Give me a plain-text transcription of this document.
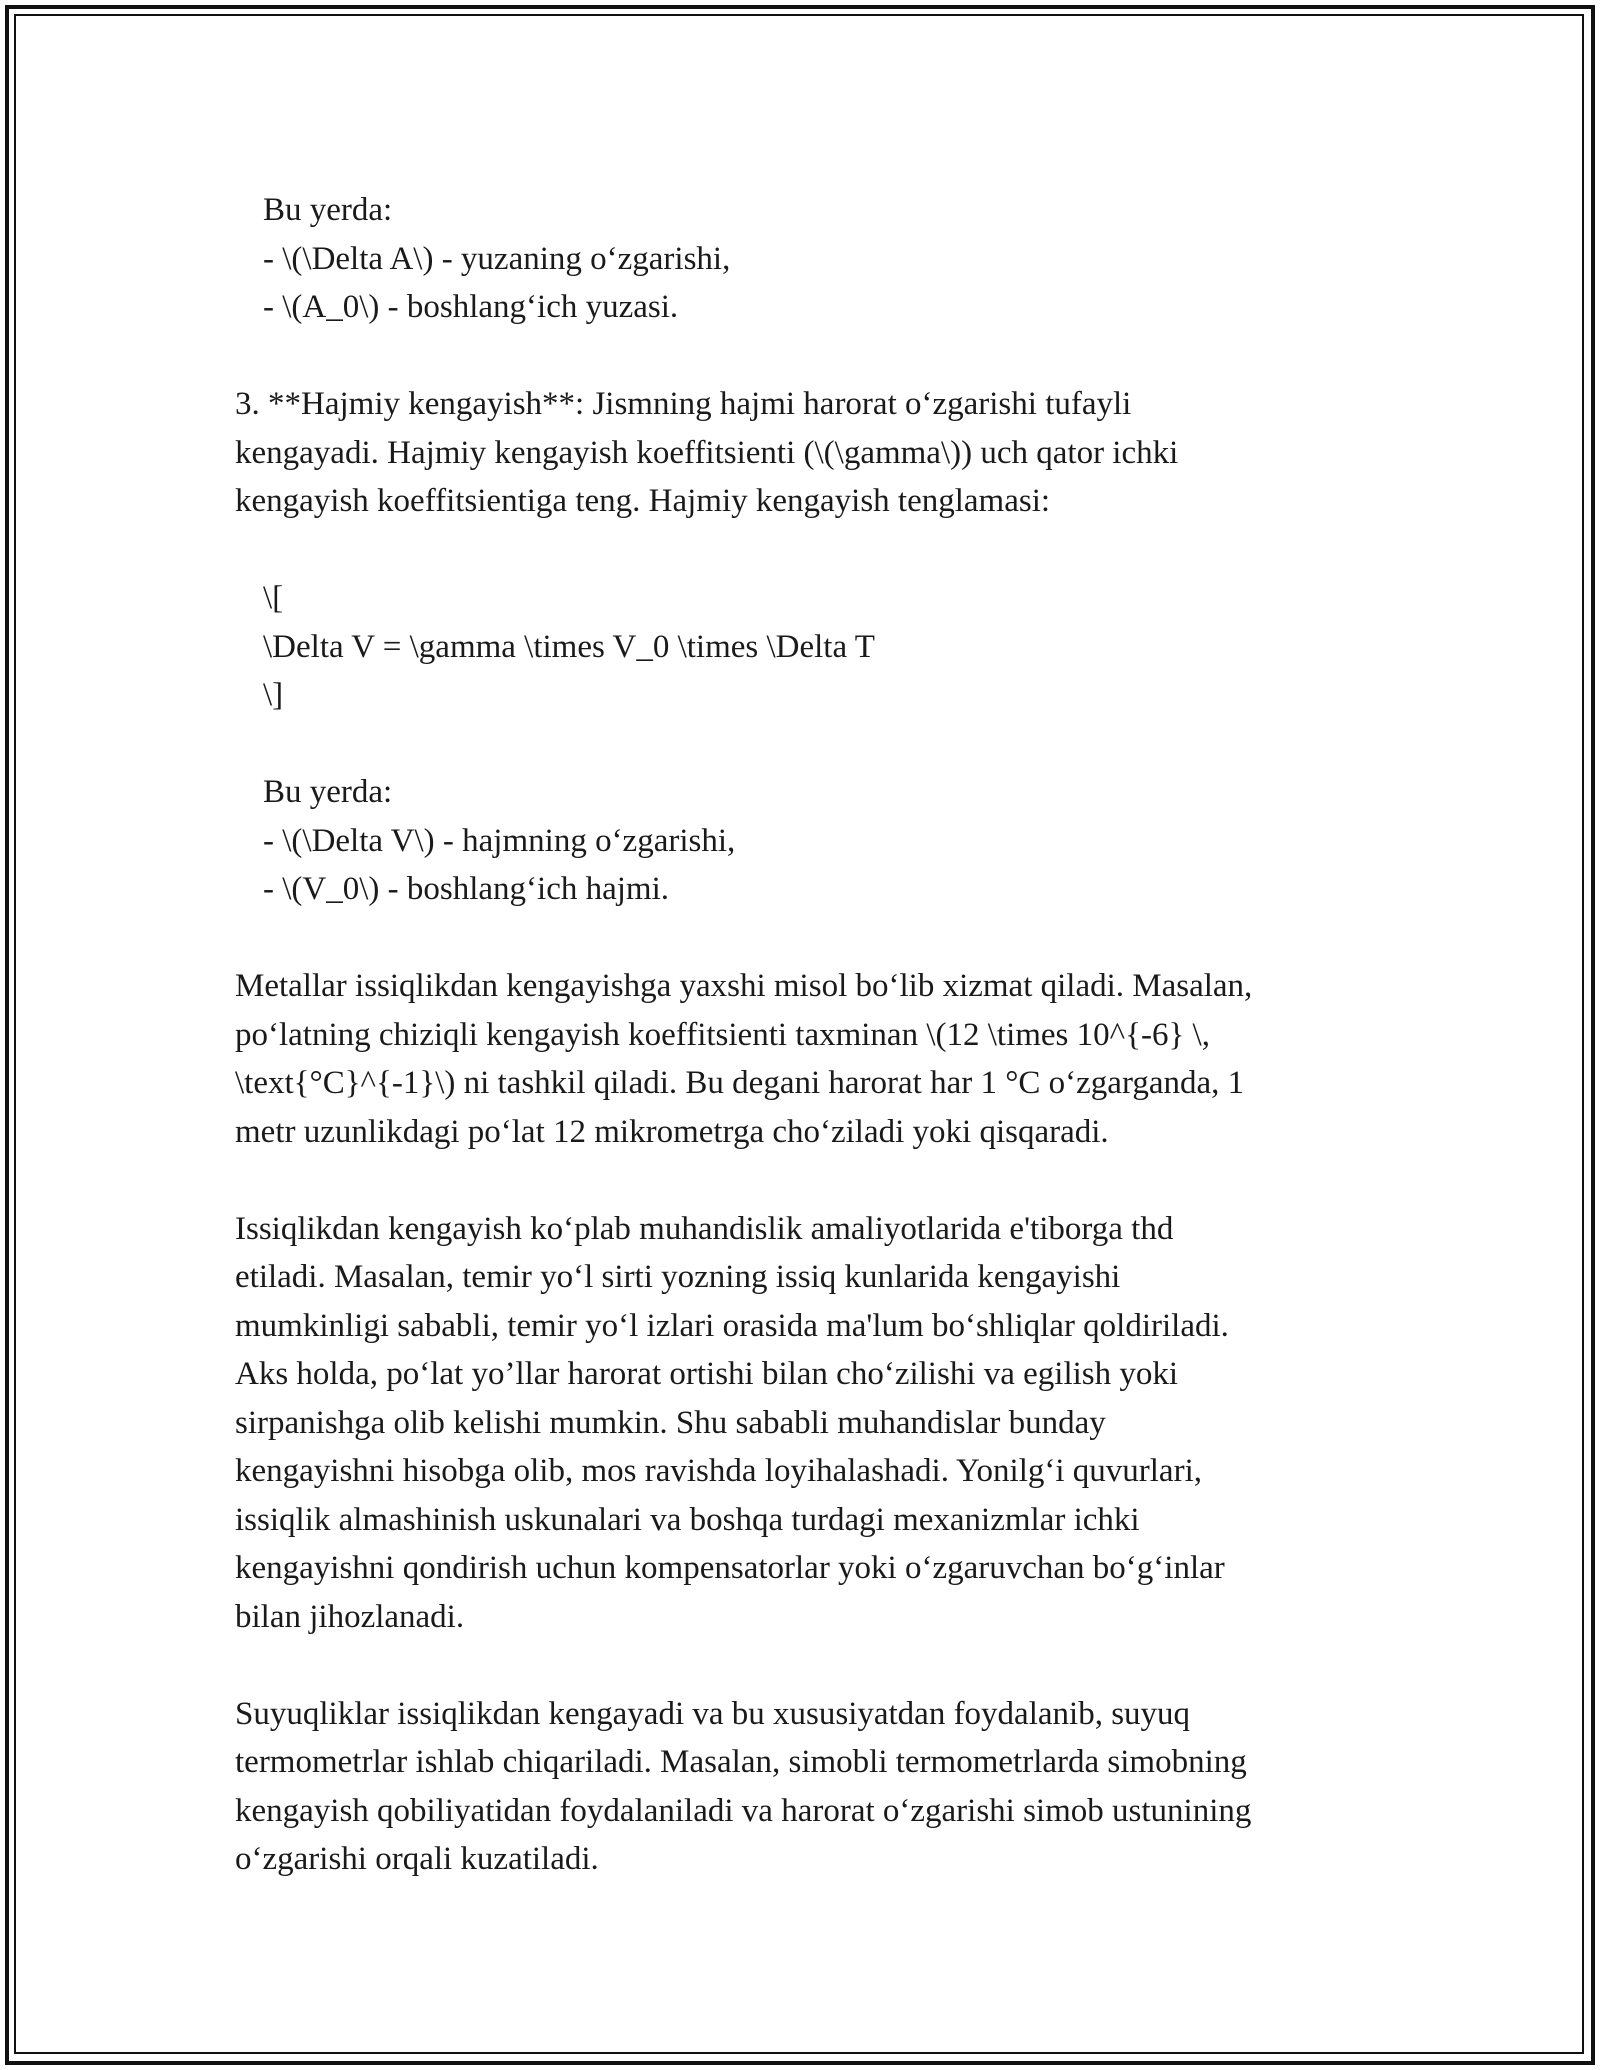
Bu yerda:
- \(\Delta A\) - yuzaning o‘zgarishi,
- \(A_0\) - boshlang‘ich yuzasi.
3. **Hajmiy kengayish**: Jismning hajmi harorat o‘zgarishi tufayli
kengayadi. Hajmiy kengayish koeffitsienti (\(\gamma\)) uch qator ichki
kengayish koeffitsientiga teng. Hajmiy kengayish tenglamasi:
\[
\Delta V = \gamma \times V_0 \times \Delta T
\]
Bu yerda:
- \(\Delta V\) - hajmning o‘zgarishi,
- \(V_0\) - boshlang‘ich hajmi.
Metallar issiqlikdan kengayishga yaxshi misol bo‘lib xizmat qiladi. Masalan,
po‘latning chiziqli kengayish koeffitsienti taxminan \(12 \times 10^{-6} \,
\text{°C}^{-1}\) ni tashkil qiladi. Bu degani harorat har 1 °C o‘zgarganda, 1
metr uzunlikdagi po‘lat 12 mikrometrga cho‘ziladi yoki qisqaradi.
Issiqlikdan kengayish ko‘plab muhandislik amaliyotlarida e'tiborga thd
etiladi. Masalan, temir yo‘l sirti yozning issiq kunlarida kengayishi
mumkinligi sababli, temir yo‘l izlari orasida ma'lum bo‘shliqlar qoldiriladi.
Aks holda, po‘lat yo’llar harorat ortishi bilan cho‘zilishi va egilish yoki
sirpanishga olib kelishi mumkin. Shu sababli muhandislar bunday
kengayishni hisobga olib, mos ravishda loyihalashadi. Yonilg‘i quvurlari,
issiqlik almashinish uskunalari va boshqa turdagi mexanizmlar ichki
kengayishni qondirish uchun kompensatorlar yoki o‘zgaruvchan bo‘g‘inlar
bilan jihozlanadi.
Suyuqliklar issiqlikdan kengayadi va bu xususiyatdan foydalanib, suyuq
termometrlar ishlab chiqariladi. Masalan, simobli termometrlarda simobning
kengayish qobiliyatidan foydalaniladi va harorat o‘zgarishi simob ustunining
o‘zgarishi orqali kuzatiladi.
